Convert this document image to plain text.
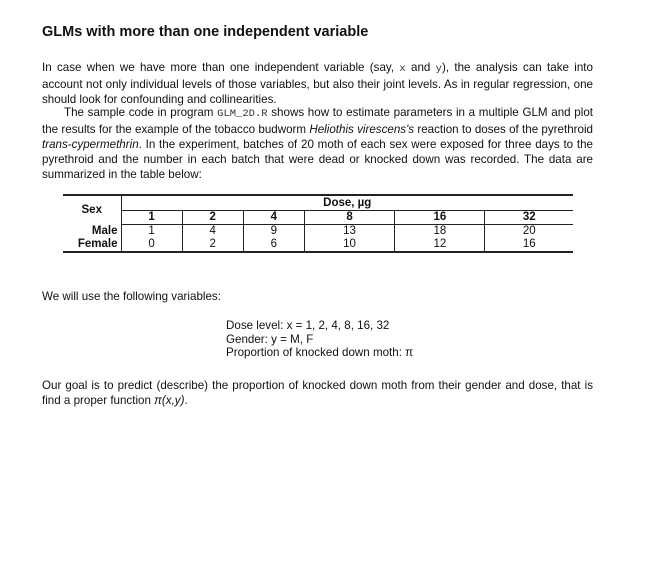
GLMs with more than one independent variable

In case when we have more than one independent variable (say, x and y), the analysis can take into account not only individual levels of those variables, but also their joint levels. As in regular regression, one should look for confounding and collinearities.

The sample code in program GLM_2D.R shows how to estimate parameters in a multiple GLM and plot the results for the example of the tobacco budworm Heliothis virescens's reaction to doses of the pyrethroid trans-cypermethrin. In the experiment, batches of 20 moth of each sex were exposed for three days to the pyrethroid and the number in each batch that were dead or knocked down was recorded. The data are summarized in the table below:

Sex	Dose, µg					
	1	2	4	8	16	32
Male	1	4	9	13	18	20
Female	0	2	6	10	12	16

We will use the following variables:

Dose level: x = 1, 2, 4, 8, 16, 32
Gender: y = M, F
Proportion of knocked down moth: π

Our goal is to predict (describe) the proportion of knocked down moth from their gender and dose, that is find a proper function π(x,y).
